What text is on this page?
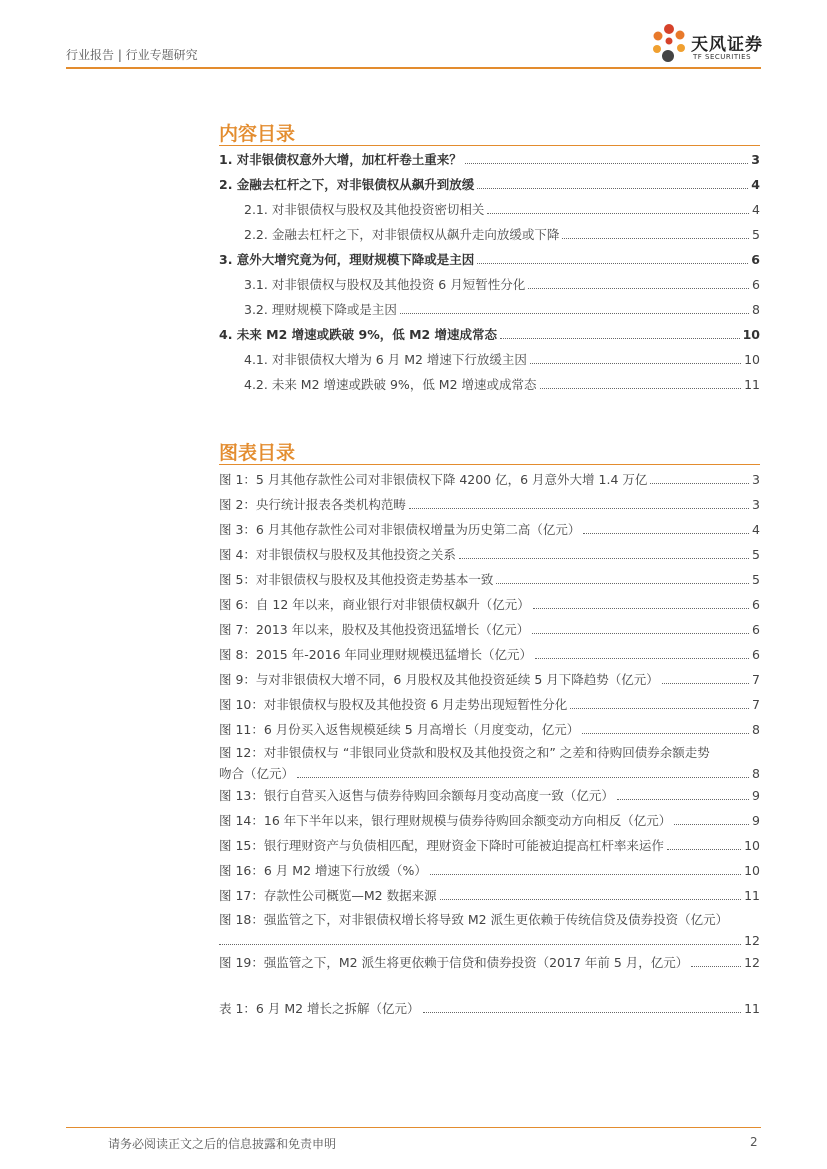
行业报告 | 行业专题研究	天风证券
TF SECURITIES
内容目录
1. 对非银债权意外大增，加杠杆卷土重来？	3
2. 金融去杠杆之下，对非银债权从飙升到放缓	4
2.1. 对非银债权与股权及其他投资密切相关	4
2.2. 金融去杠杆之下，对非银债权从飙升走向放缓或下降	5
3. 意外大增究竟为何，理财规模下降或是主因	6
3.1. 对非银债权与股权及其他投资 6 月短暂性分化	6
3.2. 理财规模下降或是主因	8
4. 未来 M2 增速或跌破 9%，低 M2 增速成常态	10
4.1. 对非银债权大增为 6 月 M2 增速下行放缓主因	10
4.2. 未来 M2 增速或跌破 9%，低 M2 增速或成常态	11
图表目录
图 1：5 月其他存款性公司对非银债权下降 4200 亿，6 月意外大增 1.4 万亿	3
图 2：央行统计报表各类机构范畴	3
图 3：6 月其他存款性公司对非银债权增量为历史第二高（亿元）	4
图 4：对非银债权与股权及其他投资之关系	5
图 5：对非银债权与股权及其他投资走势基本一致	5
图 6：自 12 年以来，商业银行对非银债权飙升（亿元）	6
图 7：2013 年以来，股权及其他投资迅猛增长（亿元）	6
图 8：2015 年-2016 年同业理财规模迅猛增长（亿元）	6
图 9：与对非银债权大增不同，6 月股权及其他投资延续 5 月下降趋势（亿元）	7
图 10：对非银债权与股权及其他投资 6 月走势出现短暂性分化	7
图 11：6 月份买入返售规模延续 5 月高增长（月度变动，亿元）	8
图 12：对非银债权与 “非银同业贷款和股权及其他投资之和” 之差和待购回债券余额走势
吻合（亿元）	8
图 13：银行自营买入返售与债券待购回余额每月变动高度一致（亿元）	9
图 14：16 年下半年以来，银行理财规模与债券待购回余额变动方向相反（亿元）	9
图 15：银行理财资产与负债相匹配，理财资金下降时可能被迫提高杠杆率来运作	10
图 16：6 月 M2 增速下行放缓（%）	10
图 17：存款性公司概览—M2 数据来源	11
图 18：强监管之下，对非银债权增长将导致 M2 派生更依赖于传统信贷及债券投资（亿元）
12
图 19：强监管之下，M2 派生将更依赖于信贷和债券投资（2017 年前 5 月，亿元）	12
表 1：6 月 M2 增长之拆解（亿元）	11
请务必阅读正文之后的信息披露和免责申明	2
